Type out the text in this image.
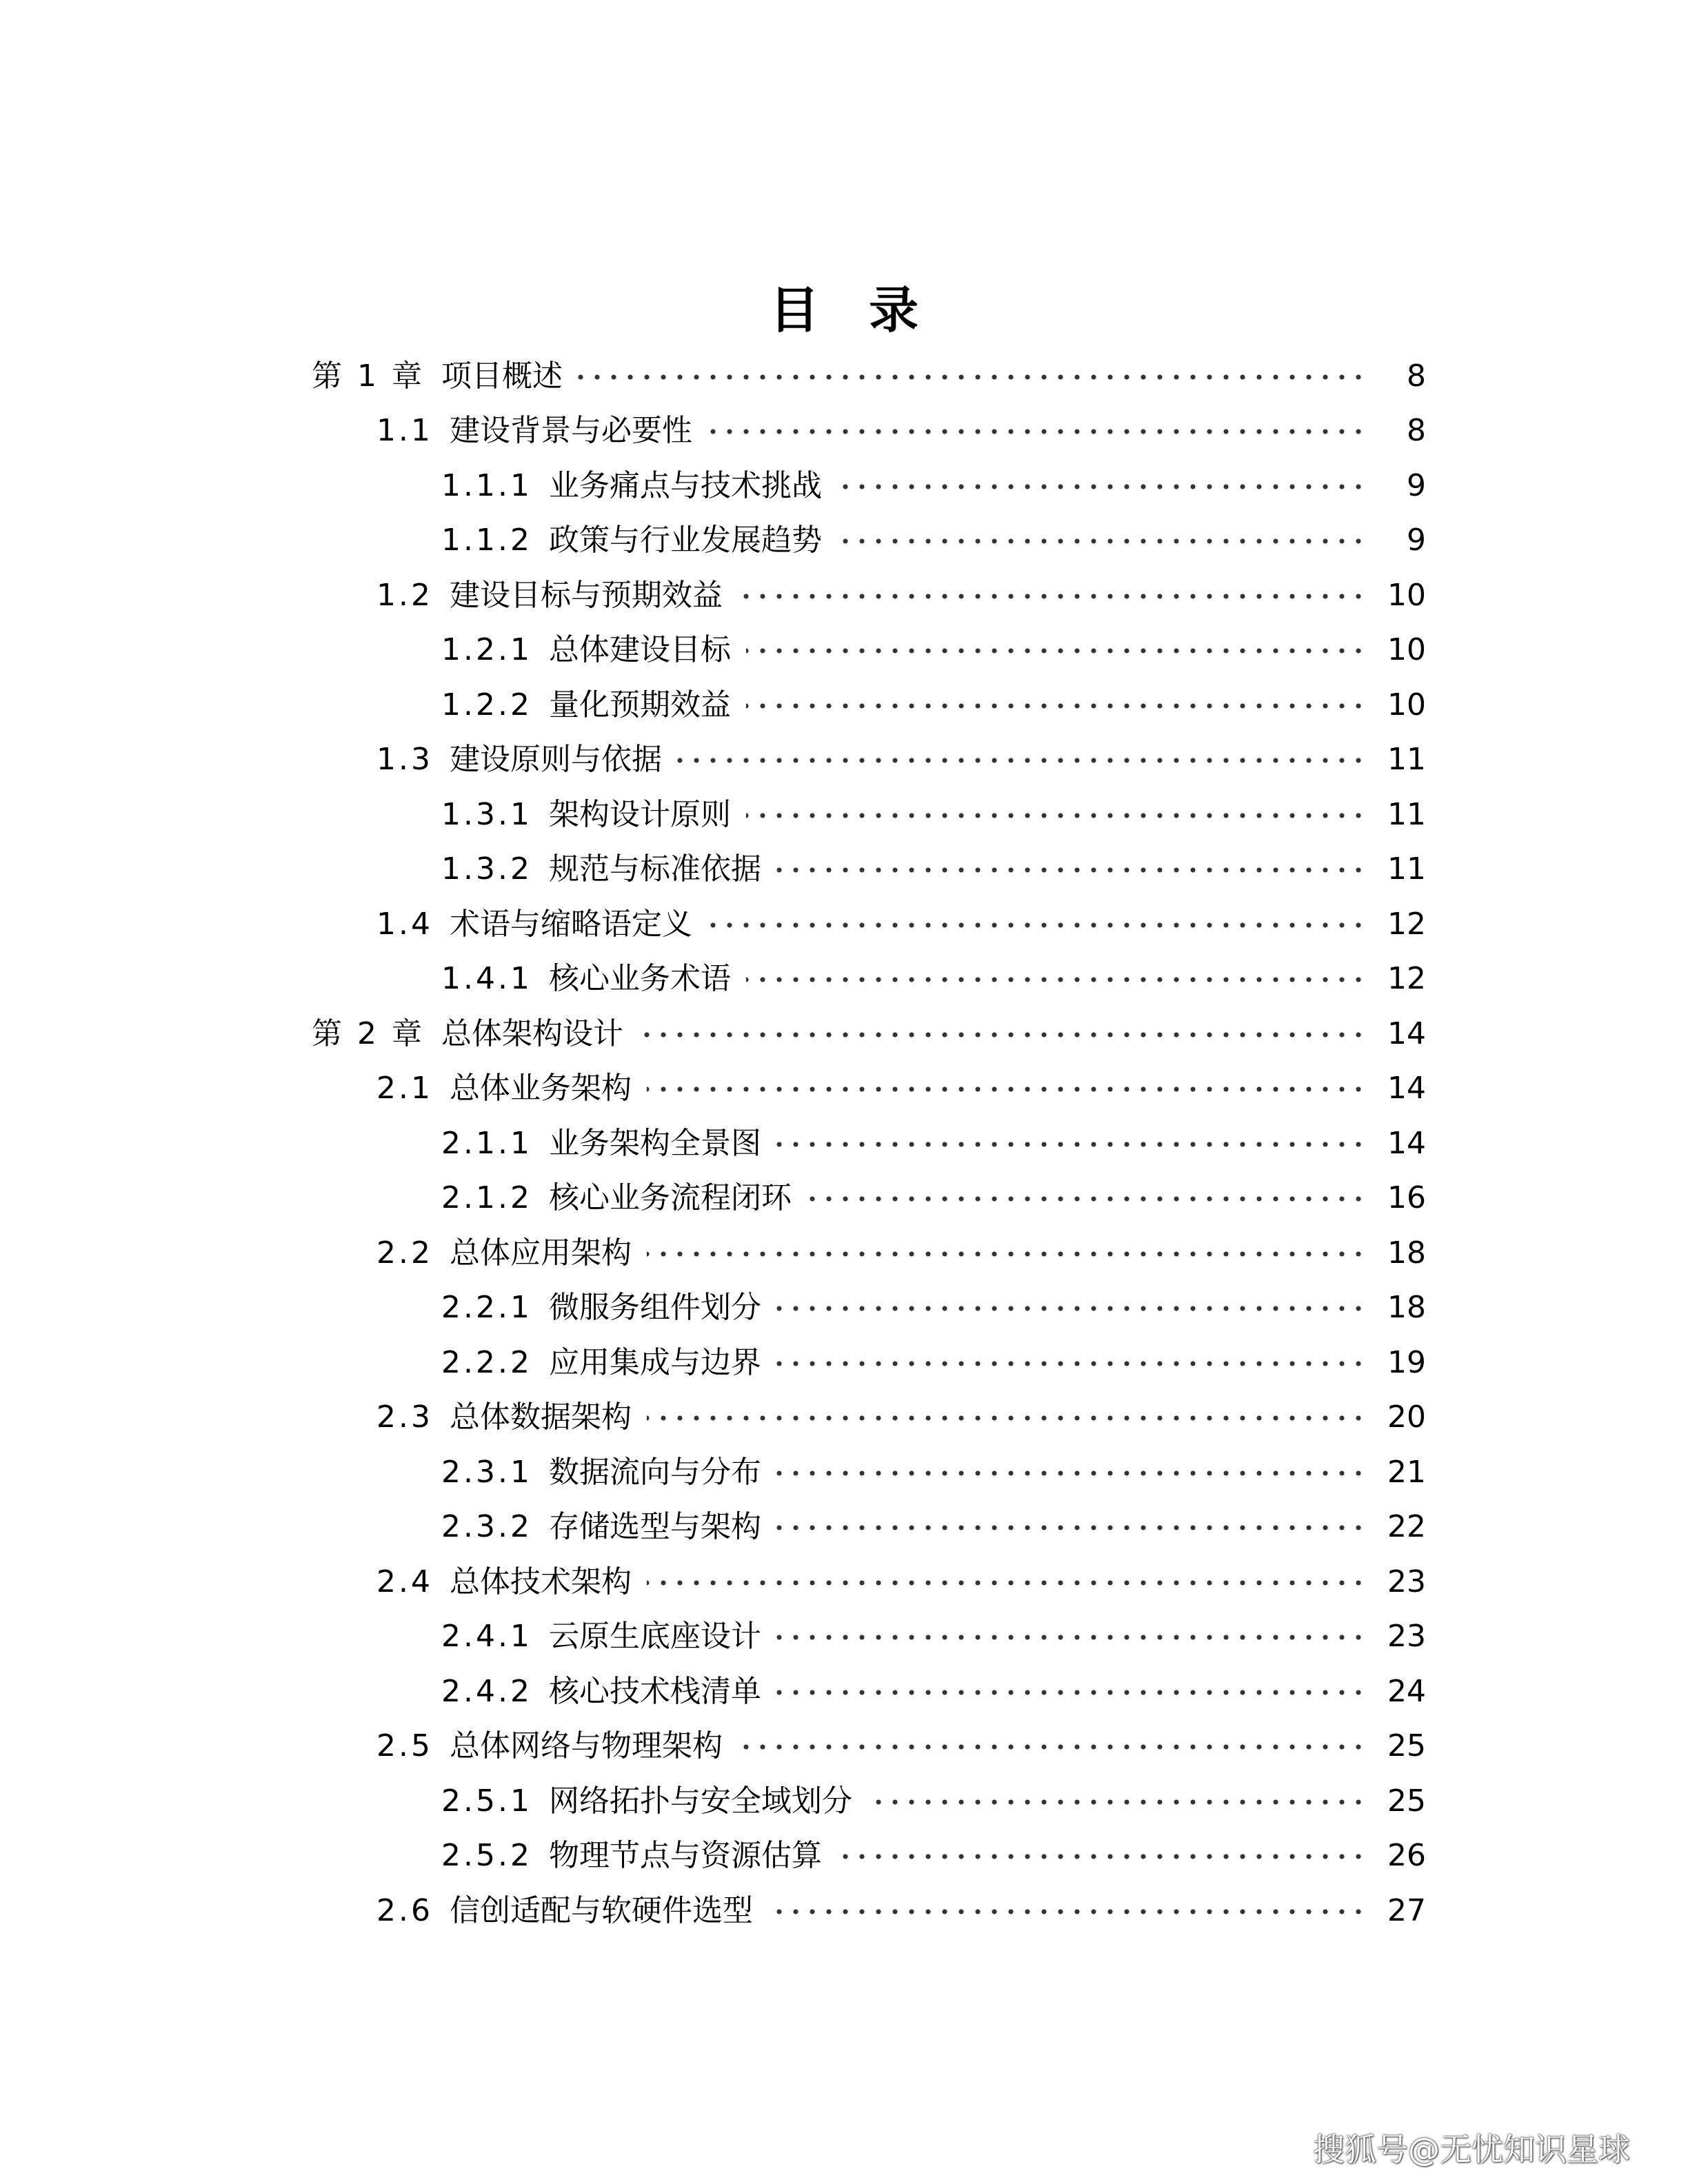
目录
第 1 章 项目概述	8
1.1 建设背景与必要性	8
1.1.1 业务痛点与技术挑战	9
1.1.2 政策与行业发展趋势	9
1.2 建设目标与预期效益	10
1.2.1 总体建设目标	10
1.2.2 量化预期效益	10
1.3 建设原则与依据	11
1.3.1 架构设计原则	11
1.3.2 规范与标准依据	11
1.4 术语与缩略语定义	12
1.4.1 核心业务术语	12
第 2 章 总体架构设计	14
2.1 总体业务架构	14
2.1.1 业务架构全景图	14
2.1.2 核心业务流程闭环	16
2.2 总体应用架构	18
2.2.1 微服务组件划分	18
2.2.2 应用集成与边界	19
2.3 总体数据架构	20
2.3.1 数据流向与分布	21
2.3.2 存储选型与架构	22
2.4 总体技术架构	23
2.4.1 云原生底座设计	23
2.4.2 核心技术栈清单	24
2.5 总体网络与物理架构	25
2.5.1 网络拓扑与安全域划分	25
2.5.2 物理节点与资源估算	26
2.6 信创适配与软硬件选型	27
搜狐号@无忧知识星球
